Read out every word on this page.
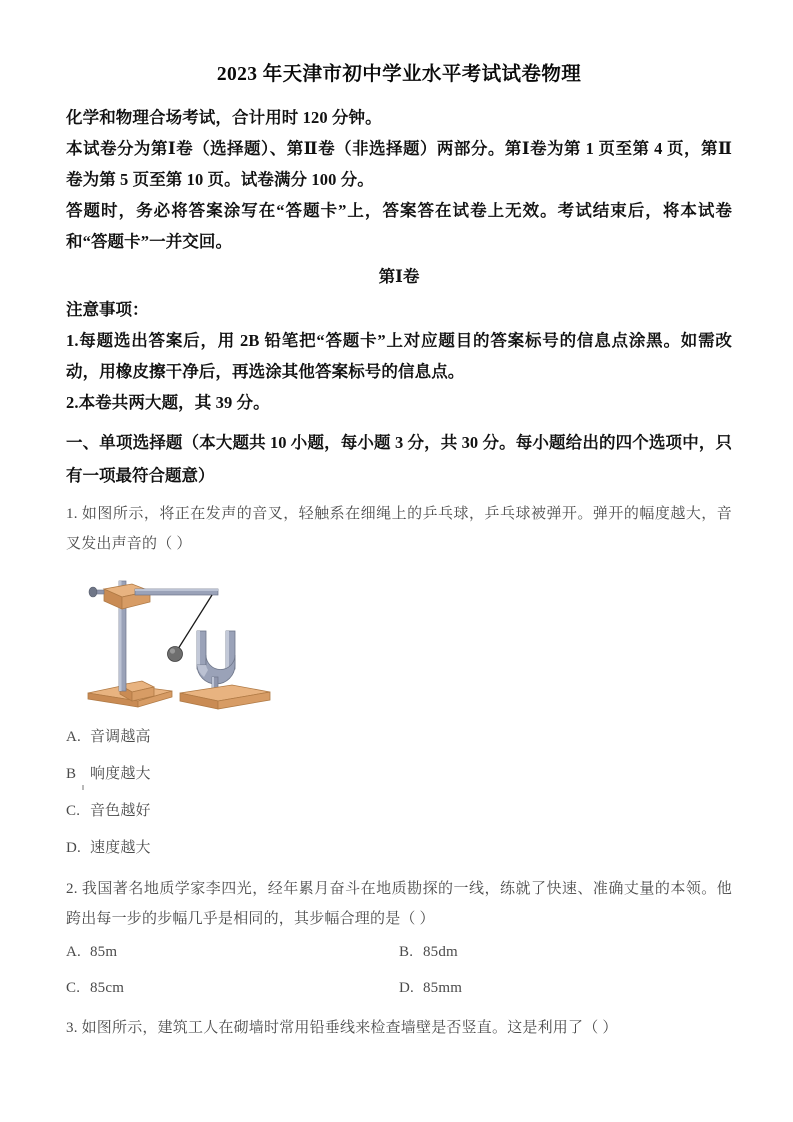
2023 年天津市初中学业水平考试试卷物理

化学和物理合场考试，合计用时 120 分钟。

本试卷分为第Ⅰ卷（选择题）、第Ⅱ卷（非选择题）两部分。第Ⅰ卷为第 1 页至第 4 页，第Ⅱ卷为第 5 页至第 10 页。试卷满分 100 分。

答题时，务必将答案涂写在“答题卡”上，答案答在试卷上无效。考试结束后，将本试卷和“答题卡”一并交回。

第Ⅰ卷

注意事项：

1.每题选出答案后，用 2B 铅笔把“答题卡”上对应题目的答案标号的信息点涂黑。如需改动，用橡皮擦干净后，再选涂其他答案标号的信息点。

2.本卷共两大题，其 39 分。

一、单项选择题（本大题共 10 小题，每小题 3 分，共 30 分。每小题给出的四个选项中，只有一项最符合题意）

1. 如图所示，将正在发声的音叉，轻触系在细绳上的乒乓球，乒乓球被弹开。弹开的幅度越大，音叉发出声音的（ ）

A. 音调越高
B 响度越大
C. 音色越好
D. 速度越大

2. 我国著名地质学家李四光，经年累月奋斗在地质勘探的一线，练就了快速、准确丈量的本领。他跨出每一步的步幅几乎是相同的，其步幅合理的是（ ）

A. 85m	B. 85dm
C. 85cm	D. 85mm

3. 如图所示，建筑工人在砌墙时常用铅垂线来检查墙壁是否竖直。这是利用了（ ）
